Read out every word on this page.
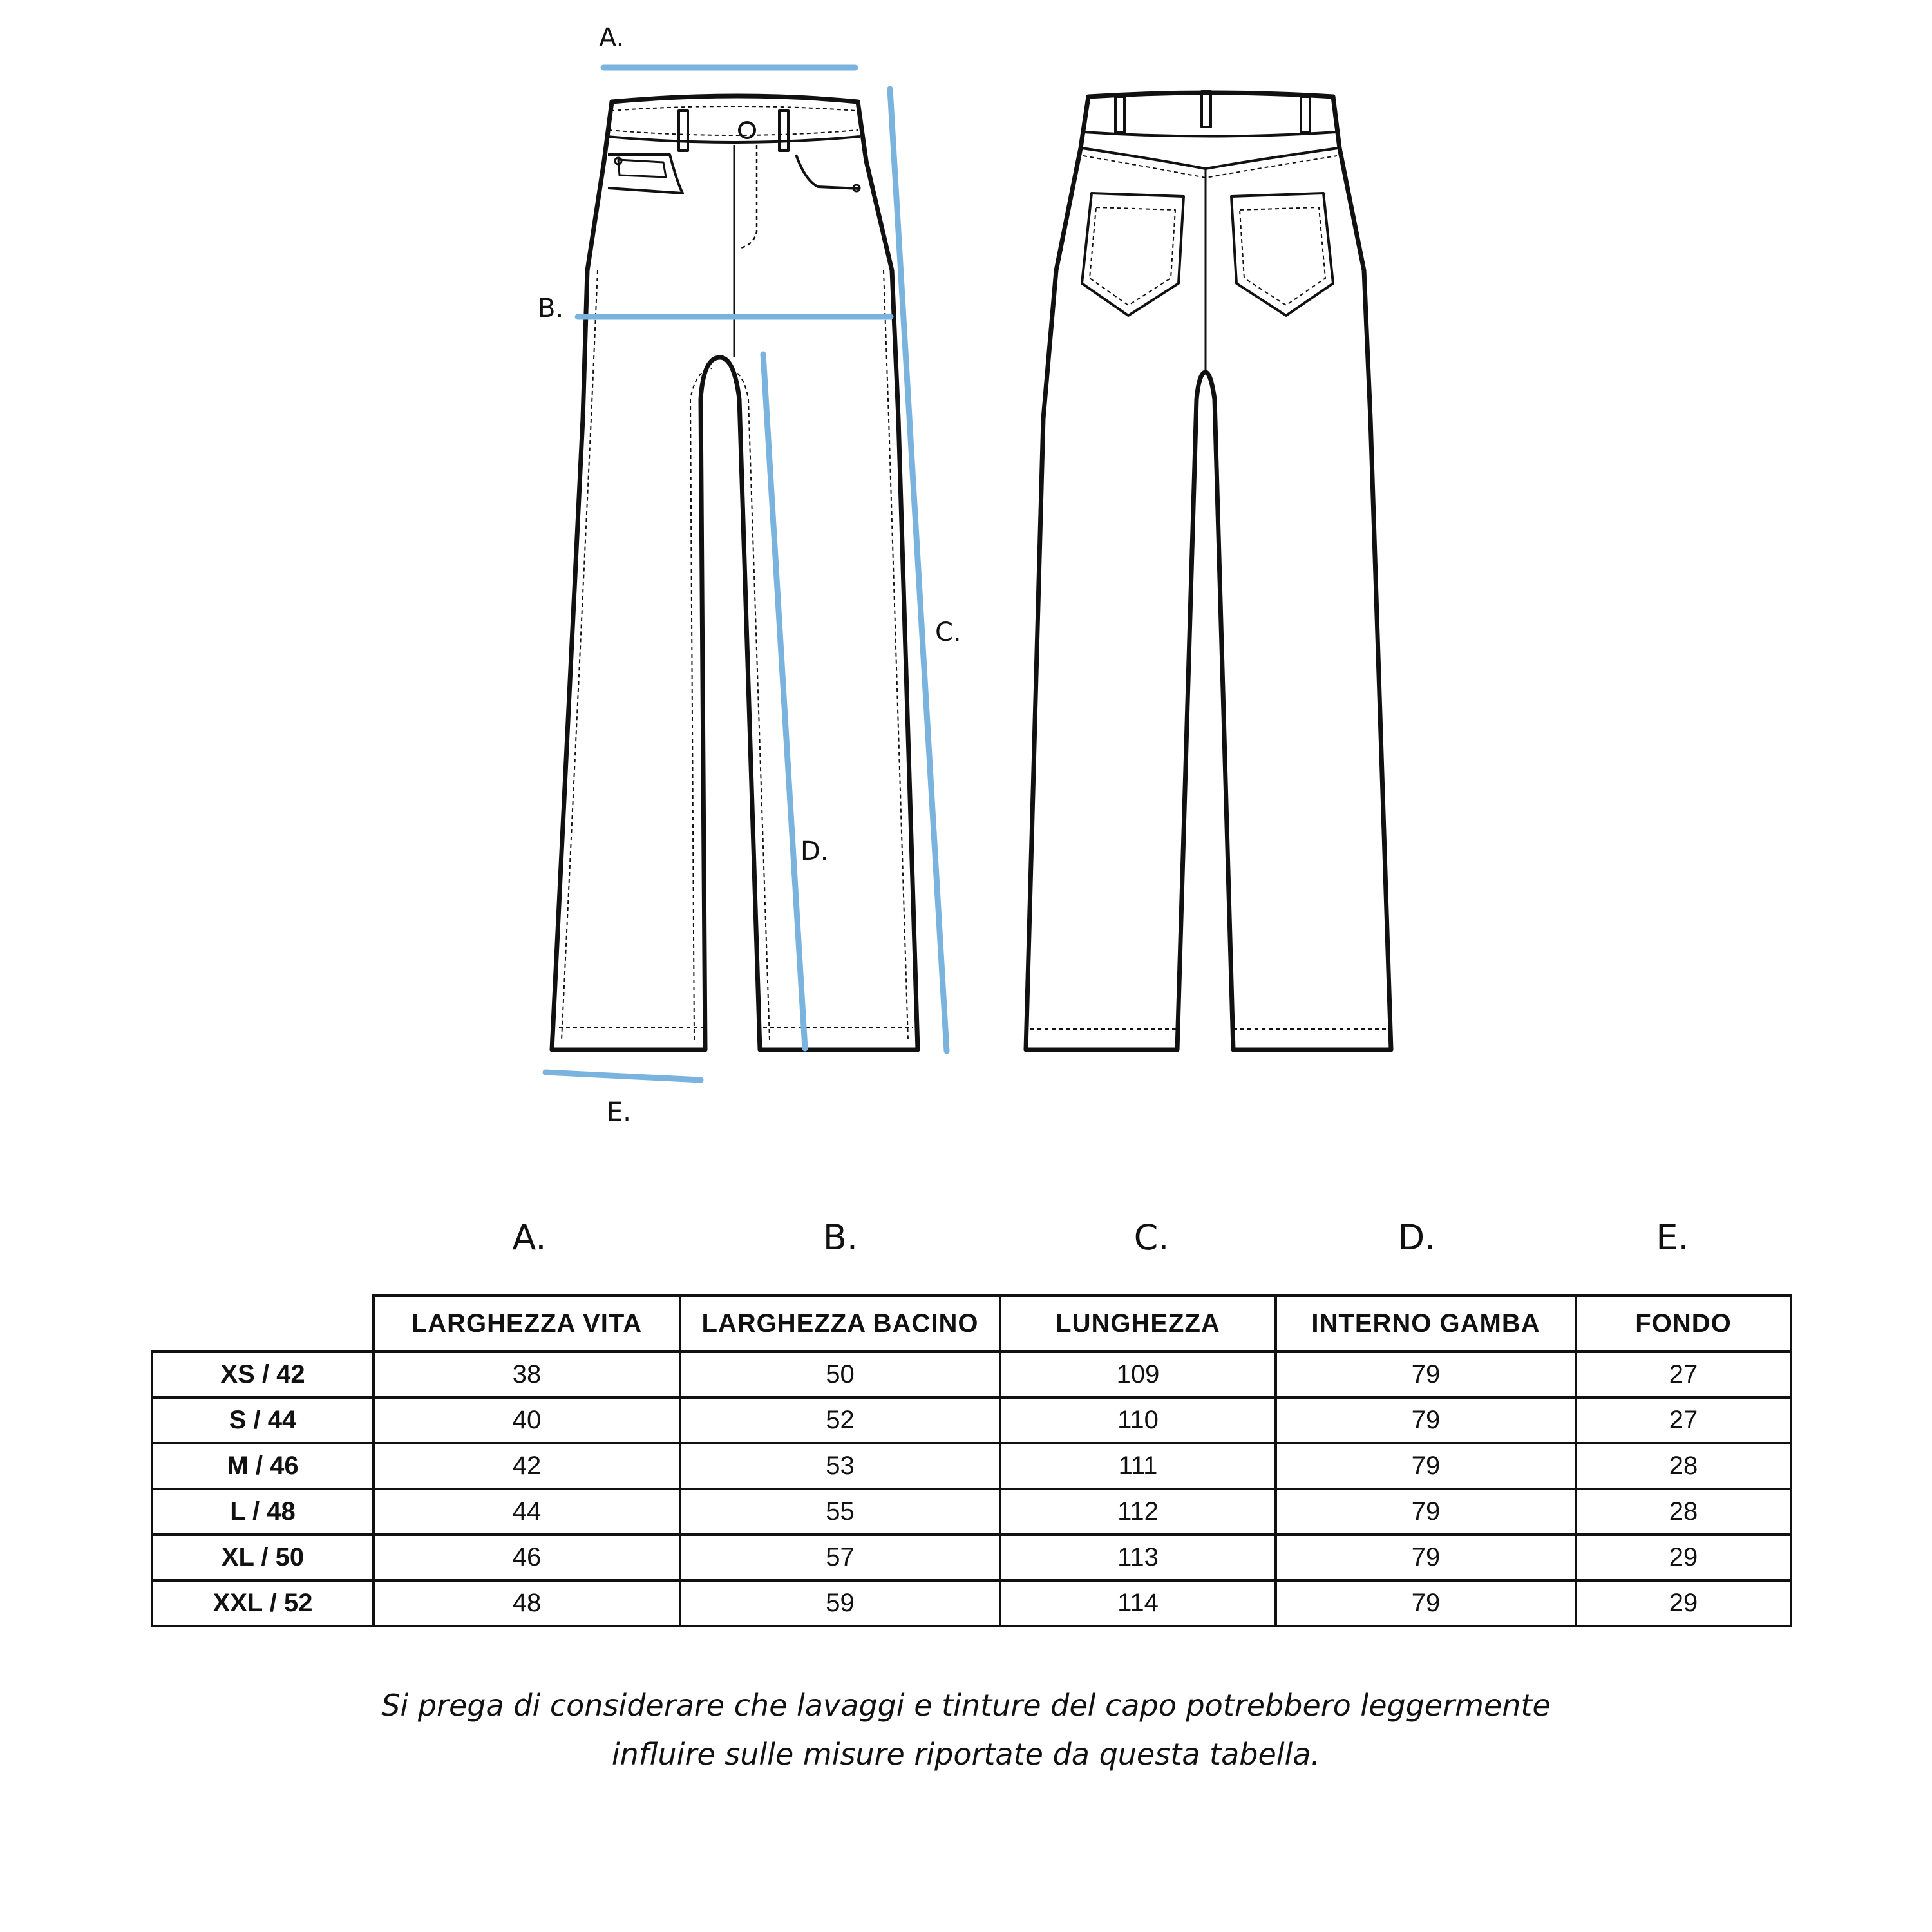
A.
B.
C.
D.
E.
A.	B.	C.	D.	E.
	LARGHEZZA VITA	LARGHEZZA BACINO	LUNGHEZZA	INTERNO GAMBA	FONDO
XS / 42	38	50	109	79	27
S / 44	40	52	110	79	27
M / 46	42	53	111	79	28
L / 48	44	55	112	79	28
XL / 50	46	57	113	79	29
XXL / 52	48	59	114	79	29
Si prega di considerare che lavaggi e tinture del capo potrebbero leggermente
influire sulle misure riportate da questa tabella.
